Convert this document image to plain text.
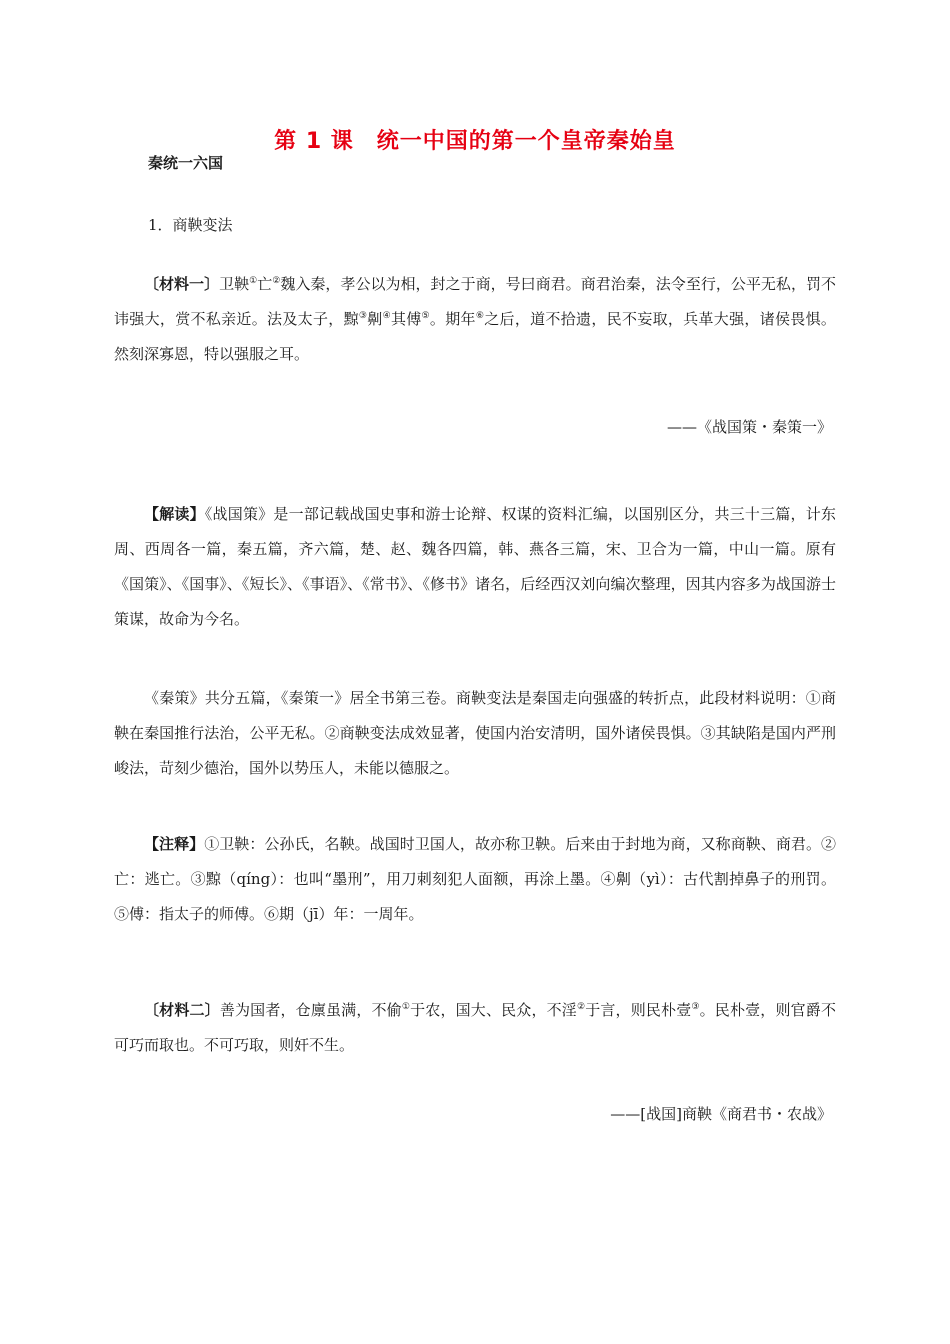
第 1 课　统一中国的第一个皇帝秦始皇
秦统一六国
1．商鞅变法
〔材料一〕卫鞅①亡②魏入秦，孝公以为相，封之于商，号曰商君。商君治秦，法令至行，公平无私，罚不讳强大，赏不私亲近。法及太子，黥③劓④其傅⑤。期年⑥之后，道不拾遗，民不妄取，兵革大强，诸侯畏惧。然刻深寡恩，特以强服之耳。
——《战国策・秦策一》
【解读】《战国策》是一部记载战国史事和游士论辩、权谋的资料汇编，以国别区分，共三十三篇，计东周、西周各一篇，秦五篇，齐六篇，楚、赵、魏各四篇，韩、燕各三篇，宋、卫合为一篇，中山一篇。原有《国策》、《国事》、《短长》、《事语》、《常书》、《修书》诸名，后经西汉刘向编次整理，因其内容多为战国游士策谋，故命为今名。
《秦策》共分五篇，《秦策一》居全书第三卷。商鞅变法是秦国走向强盛的转折点，此段材料说明：①商鞅在秦国推行法治，公平无私。②商鞅变法成效显著，使国内治安清明，国外诸侯畏惧。③其缺陷是国内严刑峻法，苛刻少德治，国外以势压人，未能以德服之。
【注释】①卫鞅：公孙氏，名鞅。战国时卫国人，故亦称卫鞅。后来由于封地为商，又称商鞅、商君。②亡：逃亡。③黥（qíng）：也叫“墨刑”，用刀刺刻犯人面额，再涂上墨。④劓（yì）：古代割掉鼻子的刑罚。⑤傅：指太子的师傅。⑥期（jī）年：一周年。
〔材料二〕善为国者，仓廪虽满，不偷①于农，国大、民众，不淫②于言，则民朴壹③。民朴壹，则官爵不可巧而取也。不可巧取，则奸不生。
——[战国]商鞅《商君书・农战》
